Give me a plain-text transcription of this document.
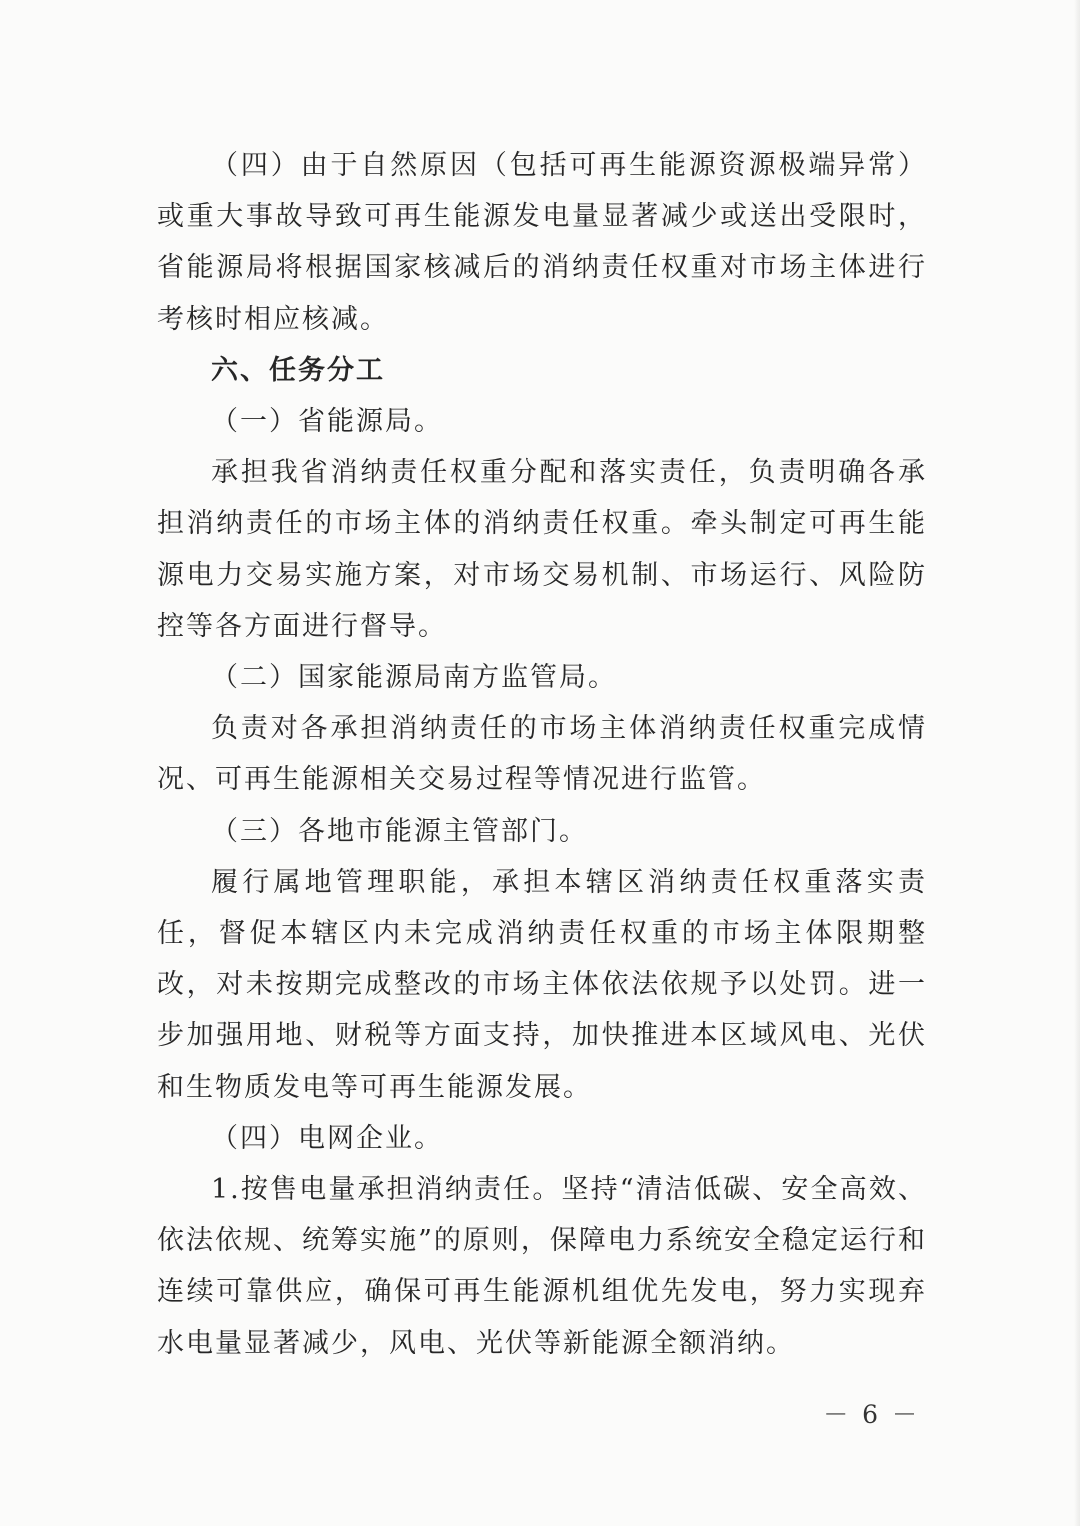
（四）由于自然原因（包括可再生能源资源极端异常）或重大事故导致可再生能源发电量显著减少或送出受限时，省能源局将根据国家核减后的消纳责任权重对市场主体进行考核时相应核减。

六、任务分工

（一）省能源局。

承担我省消纳责任权重分配和落实责任，负责明确各承担消纳责任的市场主体的消纳责任权重。牵头制定可再生能源电力交易实施方案，对市场交易机制、市场运行、风险防控等各方面进行督导。

（二）国家能源局南方监管局。

负责对各承担消纳责任的市场主体消纳责任权重完成情况、可再生能源相关交易过程等情况进行监管。

（三）各地市能源主管部门。

履行属地管理职能，承担本辖区消纳责任权重落实责任，督促本辖区内未完成消纳责任权重的市场主体限期整改，对未按期完成整改的市场主体依法依规予以处罚。进一步加强用地、财税等方面支持，加快推进本区域风电、光伏和生物质发电等可再生能源发展。

（四）电网企业。

1.按售电量承担消纳责任。坚持“清洁低碳、安全高效、依法依规、统筹实施”的原则，保障电力系统安全稳定运行和连续可靠供应，确保可再生能源机组优先发电，努力实现弃水电量显著减少，风电、光伏等新能源全额消纳。

－ 6 －
